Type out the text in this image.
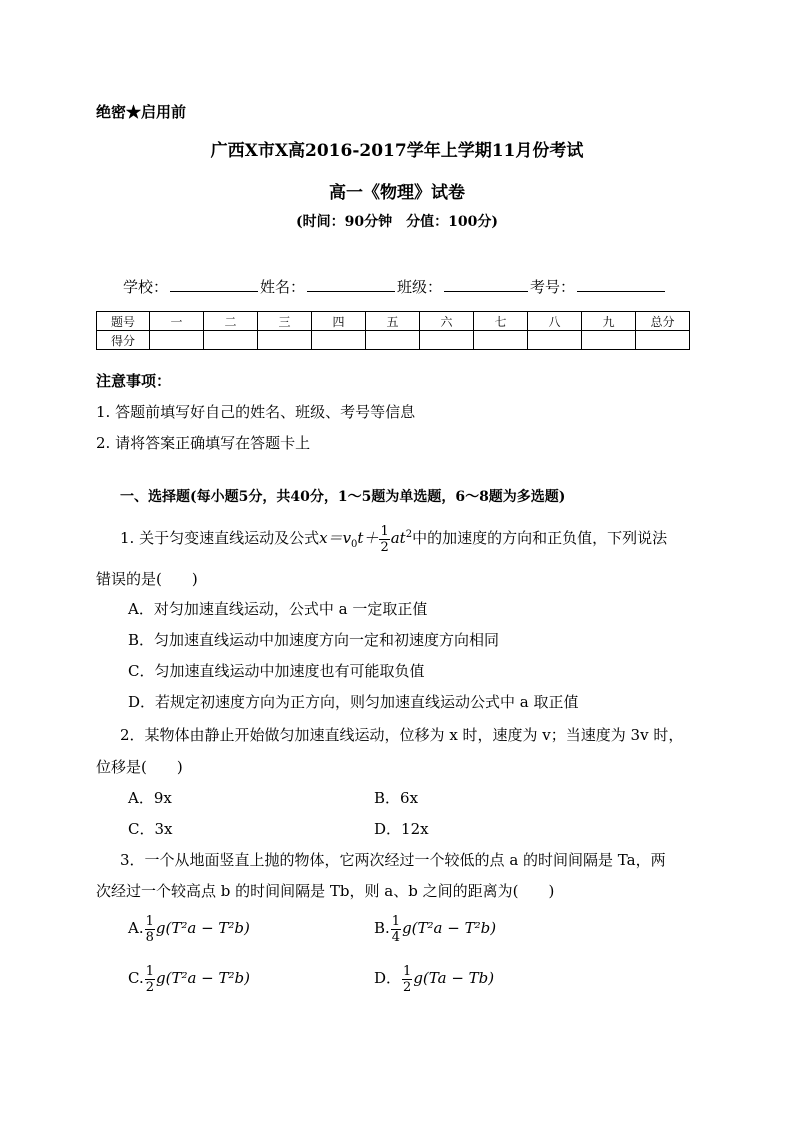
绝密★启用前
广西X市X高2016-2017学年上学期11月份考试
高一《物理》试卷
(时间：90分钟　分值：100分)
学校：	姓名：	班级：	考号：
题号	一	二	三	四	五	六	七	八	九	总分
得分										
注意事项：
1. 答题前填写好自己的姓名、班级、考号等信息
2. 请将答案正确填写在答题卡上
一、选择题(每小题5分，共40分，1～5题为单选题，6～8题为多选题)
1. 关于匀变速直线运动及公式$x=v_0t+ \frac{1}{2} at^2$中的加速度的方向和正负值，下列说法
错误的是(　　)
A．对匀加速直线运动，公式中 a 一定取正值
B．匀加速直线运动中加速度方向一定和初速度方向相同
C．匀加速直线运动中加速度也有可能取负值
D．若规定初速度方向为正方向，则匀加速直线运动公式中 a 取正值
2．某物体由静止开始做匀加速直线运动，位移为 x 时，速度为 v；当速度为 3v 时，
位移是(　　)
A．9x	B．6x
C．3x	D．12x
3．一个从地面竖直上抛的物体，它两次经过一个较低的点 a 的时间间隔是 Ta，两
次经过一个较高点 b 的时间间隔是 Tb，则 a、b 之间的距离为(　　)
A. $\frac{1}{8} g(T^2a - T^2b)$	B. $\frac{1}{4} g(T^2a - T^2b)$
C. $\frac{1}{2} g(T^2a - T^2b)$	D． $\frac{1}{2} g(Ta - Tb)$
